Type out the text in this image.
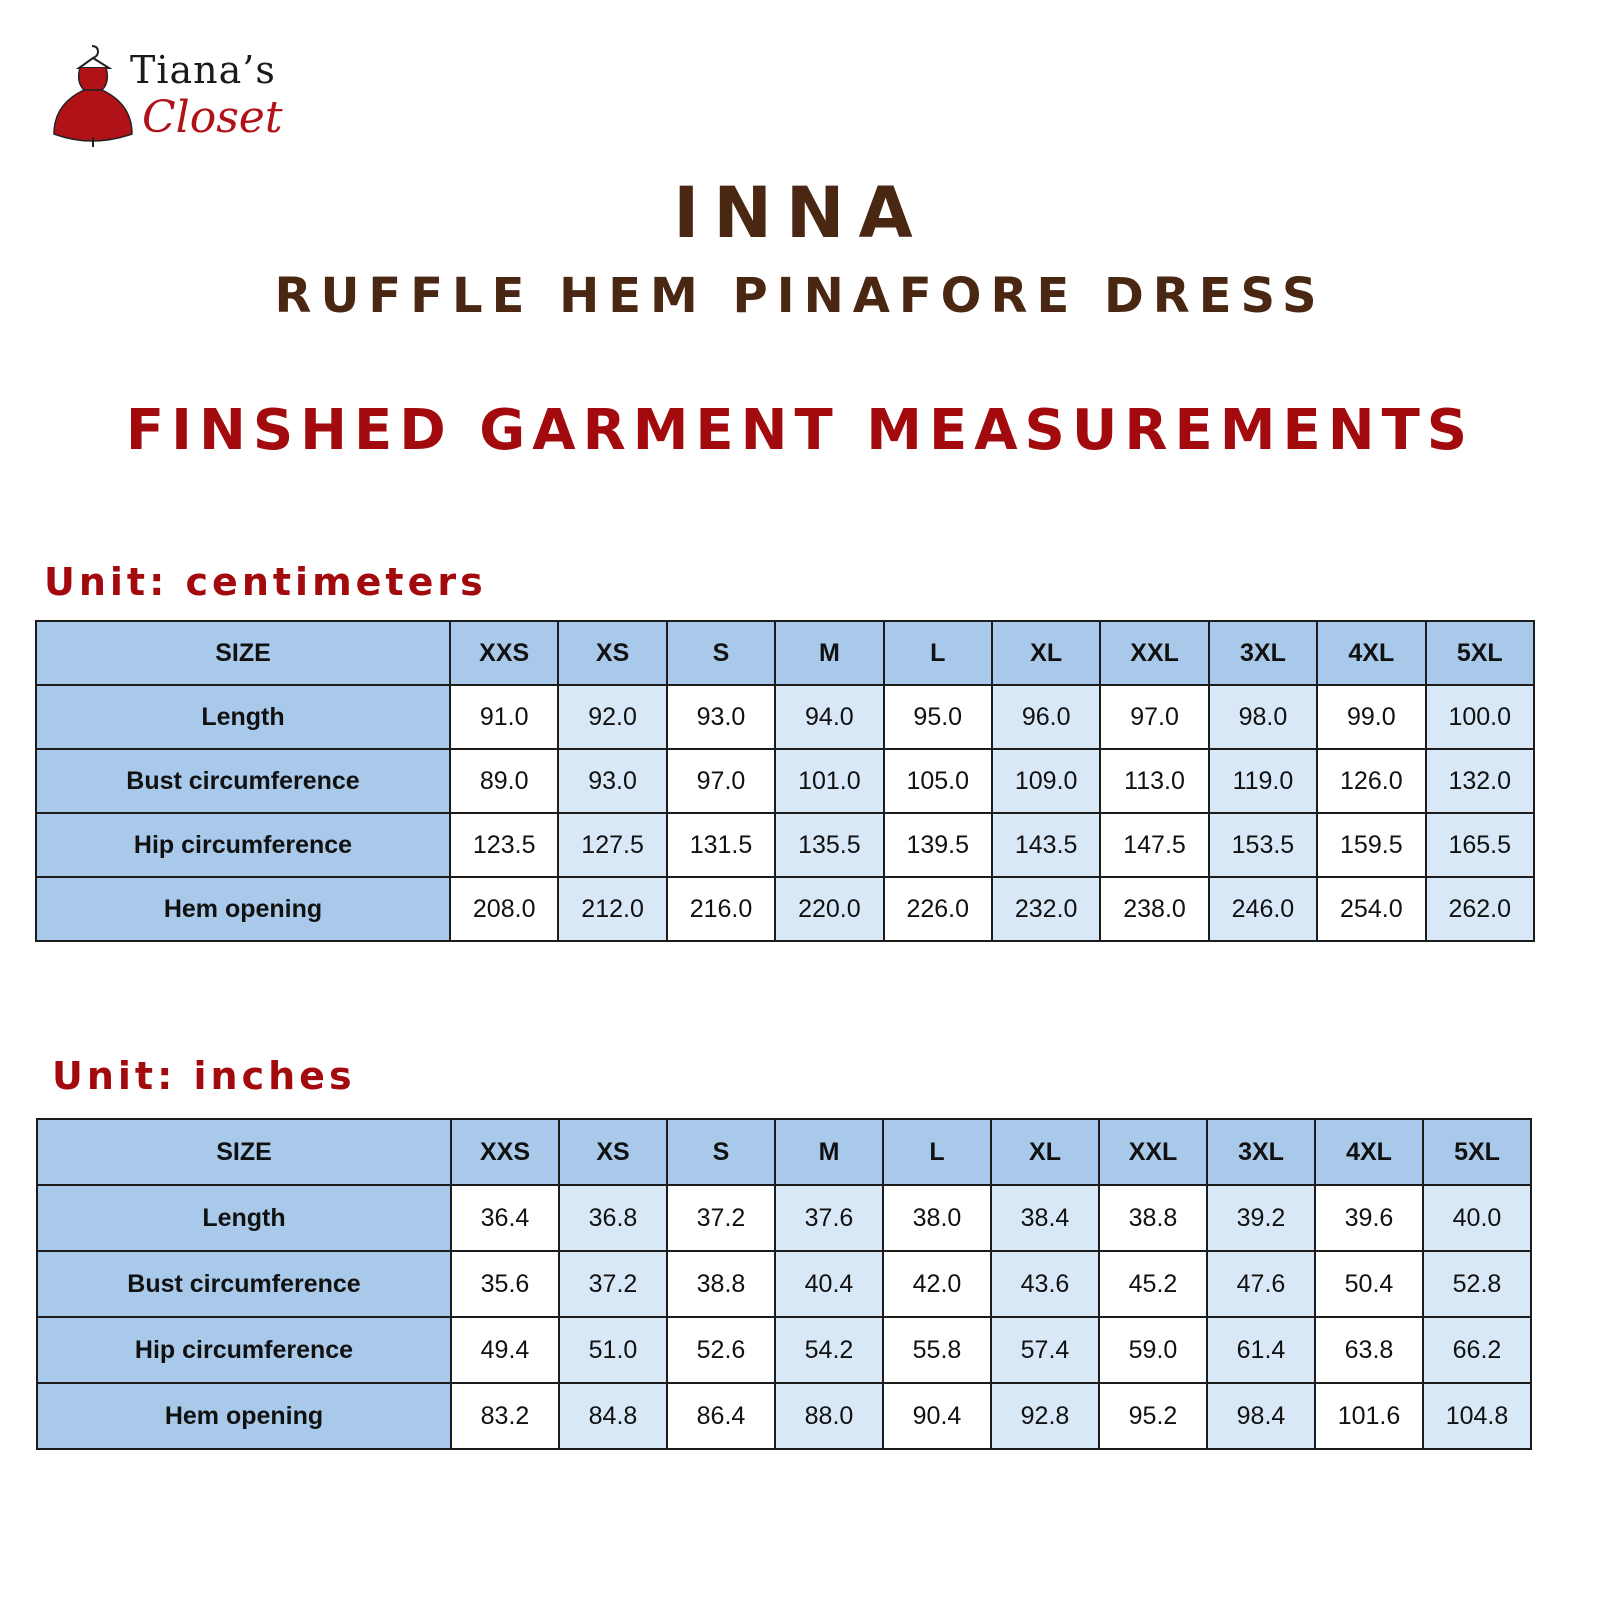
Tiana’s
Closet
INNA
RUFFLE HEM PINAFORE DRESS
FINSHED GARMENT MEASUREMENTS
Unit: centimeters
SIZE	XXS	XS	S	M	L	XL	XXL	3XL	4XL	5XL
Length	91.0	92.0	93.0	94.0	95.0	96.0	97.0	98.0	99.0	100.0
Bust circumference	89.0	93.0	97.0	101.0	105.0	109.0	113.0	119.0	126.0	132.0
Hip circumference	123.5	127.5	131.5	135.5	139.5	143.5	147.5	153.5	159.5	165.5
Hem opening	208.0	212.0	216.0	220.0	226.0	232.0	238.0	246.0	254.0	262.0
Unit: inches
SIZE	XXS	XS	S	M	L	XL	XXL	3XL	4XL	5XL
Length	36.4	36.8	37.2	37.6	38.0	38.4	38.8	39.2	39.6	40.0
Bust circumference	35.6	37.2	38.8	40.4	42.0	43.6	45.2	47.6	50.4	52.8
Hip circumference	49.4	51.0	52.6	54.2	55.8	57.4	59.0	61.4	63.8	66.2
Hem opening	83.2	84.8	86.4	88.0	90.4	92.8	95.2	98.4	101.6	104.8
